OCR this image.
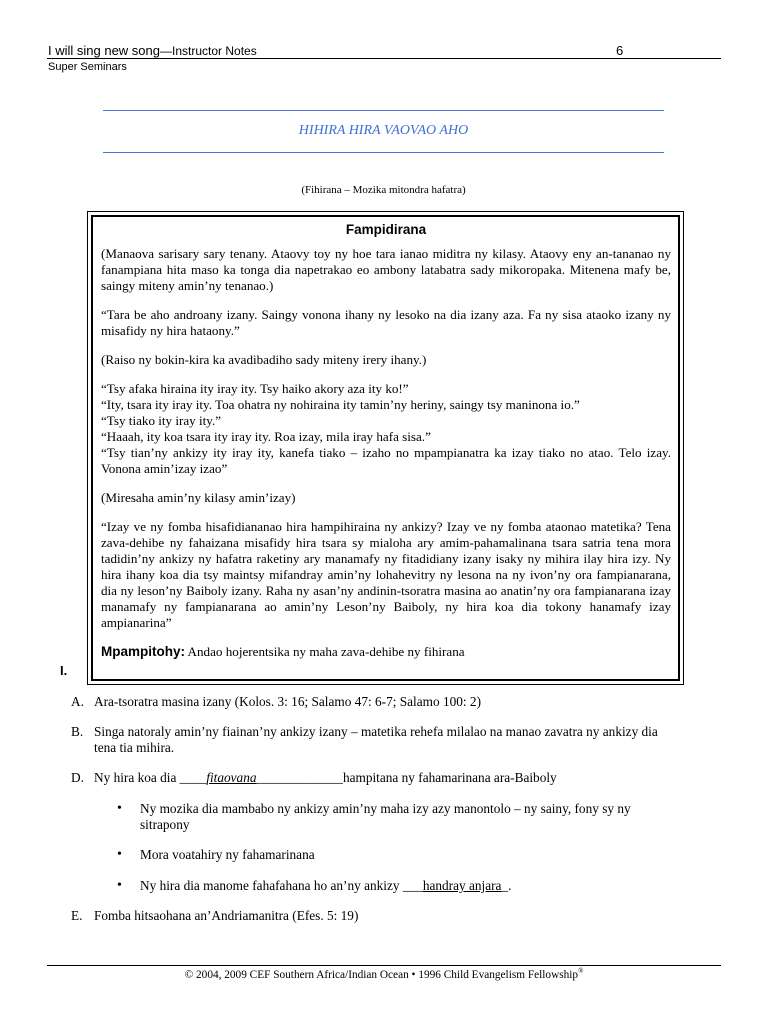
I will sing new song—Instructor Notes	6
Super Seminars
HIHIRA HIRA VAOVAO AHO
(Fihirana – Mozika mitondra hafatra)
Fampidirana

(Manaova sarisary sary tenany. Ataovy toy ny hoe tara ianao miditra ny kilasy. Ataovy eny an-tananao ny fanampiana hita maso ka tonga dia napetrakao eo ambony latabatra sady mikoropaka. Mitenena mafy be, saingy miteny amin’ny tenanao.)

“Tara be aho androany izany. Saingy vonona ihany ny lesoko na dia izany aza. Fa ny sisa ataoko izany ny misafidy ny hira hataony.”

(Raiso ny bokin-kira ka avadibadiho sady miteny irery ihany.)

“Tsy afaka hiraina ity iray ity. Tsy haiko akory aza ity ko!”
“Ity, tsara ity iray ity. Toa ohatra ny nohiraina ity tamin’ny heriny, saingy tsy maninona io.”
“Tsy tiako ity iray ity.”
“Haaah, ity koa tsara ity iray ity. Roa izay, mila iray hafa sisa.”
“Tsy tian’ny ankizy ity iray ity, kanefa tiako – izaho no mpampianatra ka izay tiako no atao. Telo izay. Vonona amin’izay izao”

(Miresaha amin’ny kilasy amin’izay)

“Izay ve ny fomba hisafidiananao hira hampihiraina ny ankizy? Izay ve ny fomba ataonao matetika? Tena zava-dehibe ny fahaizana misafidy hira tsara sy mialoha ary amim-pahamalinana tsara satria tena mora tadidin’ny ankizy ny hafatra raketiny ary manamafy ny fitadidiany izany isaky ny mihira ilay hira izy. Ny hira ihany koa dia tsy maintsy mifandray amin’ny lohahevitry ny lesona na ny ivon’ny ora fampianarana, dia ny leson’ny Baiboly izany. Raha ny asan’ny andinin-tsoratra masina ao anatin’ny ora fampianarana izay manamafy ny fampianarana ao amin’ny Leson’ny Baiboly, ny hira koa dia tokony hanamafy izay ampianarina”

Mpampitohy: Andao hojerentsika ny maha zava-dehibe ny fihirana
I.
A. Ara-tsoratra masina izany (Kolos. 3: 16; Salamo 47: 6-7; Salamo 100: 2)
B. Singa natoraly amin’ny fiainan’ny ankizy izany – matetika rehefa milalao na manao zavatra ny ankizy dia
tena tia mihira.
D. Ny hira koa dia ____fitaovana_____________hampitana ny fahamarinana ara-Baiboly
• Ny mozika dia mambabo ny ankizy amin’ny maha izy azy manontolo – ny sainy, fony sy ny
sitrapony
• Mora voatahiry ny fahamarinana
• Ny hira dia manome fahafahana ho an’ny ankizy ___handray anjara_.
E. Fomba hitsaohana an’Andriamanitra (Efes. 5: 19)
© 2004, 2009 CEF Southern Africa/Indian Ocean • 1996 Child Evangelism Fellowship®
